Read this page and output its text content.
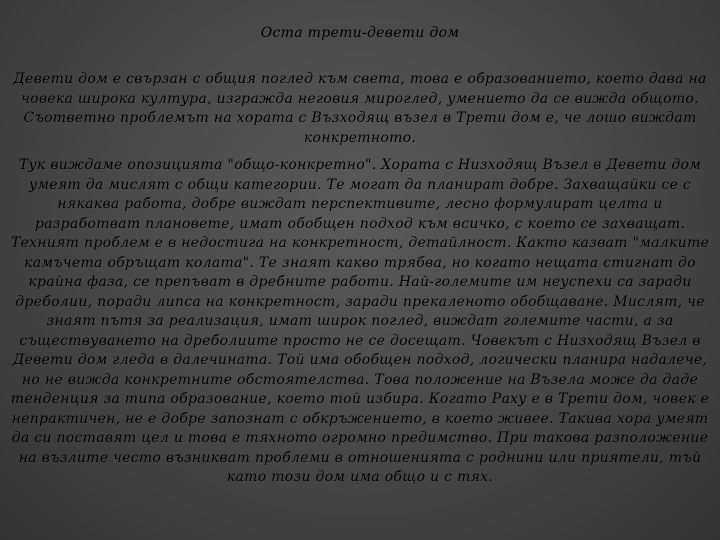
Оста трети-девети дом
Девети дом е свързан с общия поглед към света, това е образованието, което дава на човека широка култура, изгражда неговия мироглед, умението да се вижда общото. Съответно проблемът на хората с Възходящ възел в Трети дом е, че лошо виждат конкретното.
Тук виждаме опозицията "общо-конкретно". Хората с Низходящ Възел в Девети дом умеят да мислят с общи категории. Те могат да планират добре. Захващайки се с някаква работа, добре виждат перспективите, лесно формулират целта и разработват плановете, имат обобщен подход към всичко, с което се захващат. Техният проблем е в недостига на конкретност, детайлност. Както казват "малките камъчета обръщат колата". Те знаят какво трябва, но когато нещата стигнат до крайна фаза, се препъват в дребните работи. Най-големите им неуспехи са заради дреболии, поради липса на конкретност, заради прекаленото обобщаване. Мислят, че знаят пътя за реализация, имат широк поглед, виждат големите части, а за съществуването на дреболиите просто не се досещат. Човекът с Низходящ Възел в Девети дом гледа в далечината. Той има обобщен подход, логически планира надалече, но не вижда конкретните обстоятелства. Това положение на Възела може да даде тенденция за типа образование, което той избира. Когато Раху е в Трети дом, човек е непрактичен, не е добре запознат с обкръжението, в което живее. Такива хора умеят да си поставят цел и това е тяхното огромно предимство. При такова разположение на възлите често възникват проблеми в отношенията с роднини или приятели, тъй като този дом има общо и с тях.
